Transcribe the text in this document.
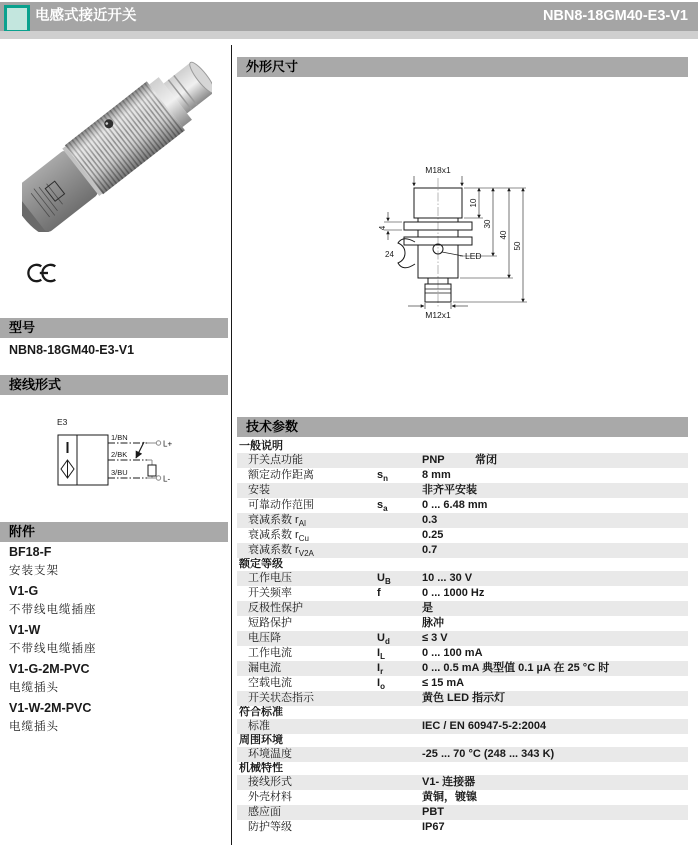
电感式接近开关	NBN8-18GM40-E3-V1
型号
NBN8-18GM40-E3-V1
接线形式
E3
1/BN
2/BK
3/BU
L+
L-
附件
BF18-F
安装支架
V1-G
不带线电缆插座
V1-W
不带线电缆插座
V1-G-2M-PVC
电缆插头
V1-W-2M-PVC
电缆插头
外形尺寸
LED
24
M18x1
4
10
30
40
50
M12x1
技术参数
一般说明
开关点功能	PNP	常闭
额定动作距离	$s_n$	8 mm
安装	非齐平安装
可靠动作范围	$s_a$	0 ... 6.48 mm
衰减系数 $r_{Al}$	0.3
衰减系数 $r_{Cu}$	0.25
衰减系数 $r_{V2A}$	0.7
额定等级
工作电压	$U_B$	10 ... 30 V
开关频率	f	0 ... 1000 Hz
反极性保护	是
短路保护	脉冲
电压降	$U_d$	≤ 3 V
工作电流	$I_L$	0 ... 100 mA
漏电流	$I_r$	0 ... 0.5 mA 典型值 0.1 µA 在 25 °C 时
空载电流	$I_o$	≤ 15 mA
开关状态指示	黄色 LED 指示灯
符合标准
标准	IEC / EN 60947-5-2:2004
周围环境
环境温度	-25 ... 70 °C (248 ... 343 K)
机械特性
接线形式	V1- 连接器
外壳材料	黄铜，镀镍
感应面	PBT
防护等级	IP67
